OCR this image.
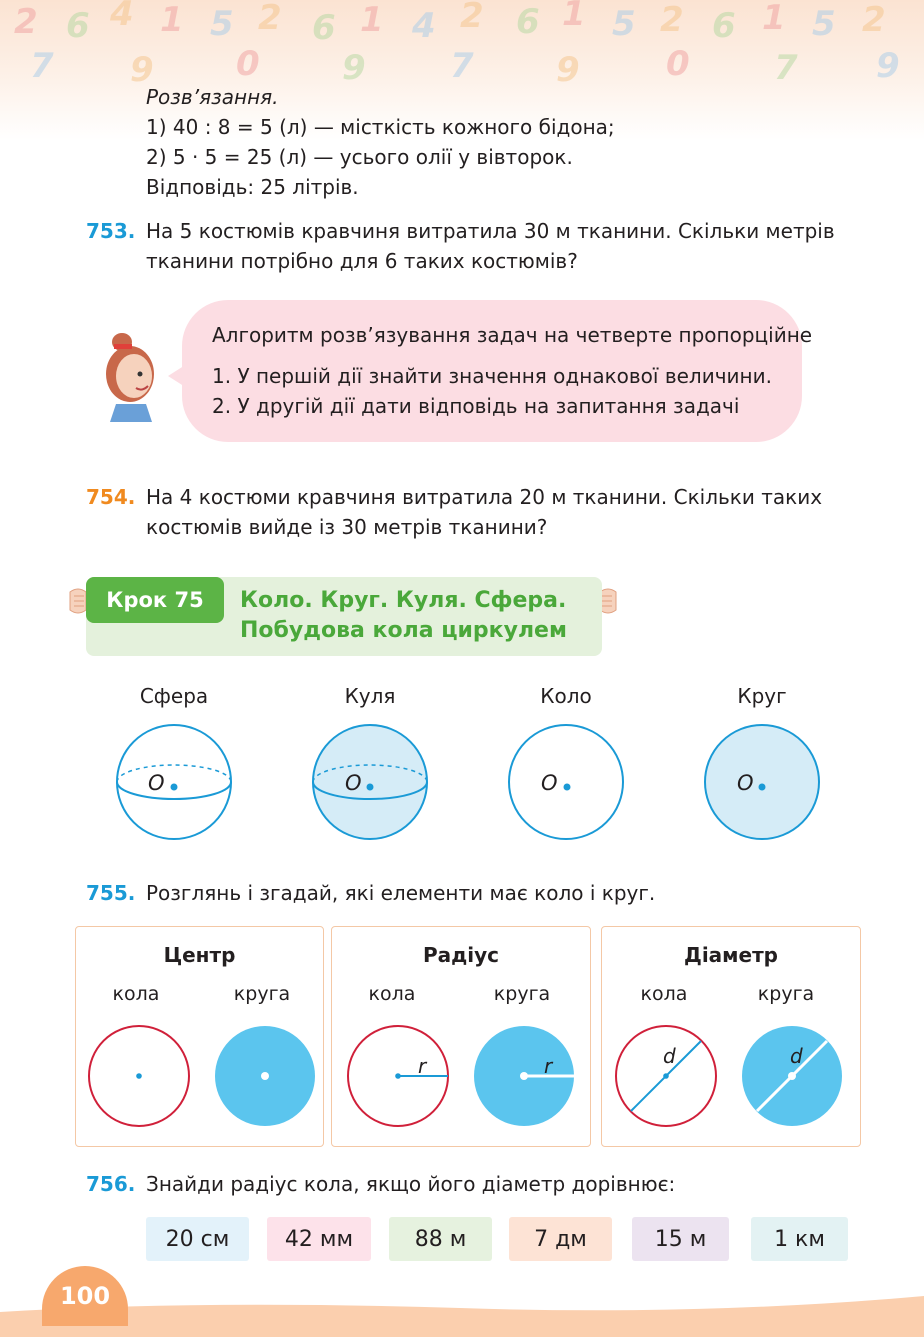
2 6 4 1 5 2 6 1 4 2 6 1 5 2 6 1 5 2
7 9 0 9 7 9	0 7 9
Розв’язання.
1) 40 : 8 = 5 (л) — місткість кожного бідона;
2) 5 · 5 = 25 (л) — усього олії у вівторок.
Відповідь: 25 літрів.
753. На 5 костюмів кравчиня витратила 30 м тканини. Скільки метрів
тканини потрібно для 6 таких костюмів?
Алгоритм розв’язування задач на четверте пропорційне
1. У першій дії знайти значення однакової величини.
2. У другій дії дати відповідь на запитання задачі
754. На 4 костюми кравчиня витратила 20 м тканини. Скільки таких
костюмів вийде із 30 метрів тканини?
Крок 75	Коло. Круг. Куля. Сфера.
Побудова кола циркулем
Сфера	Куля	Коло	Круг
O	O	O	O
755. Розглянь і згадай, які елементи має коло і круг.
Центр
кола	круга
Радіус
кола	круга
r	r
Діаметр
кола	круга
d	d
756. Знайди радіус кола, якщо його діаметр дорівнює:
20 см	42 мм	88 м	7 дм	15 м	1 км
100
